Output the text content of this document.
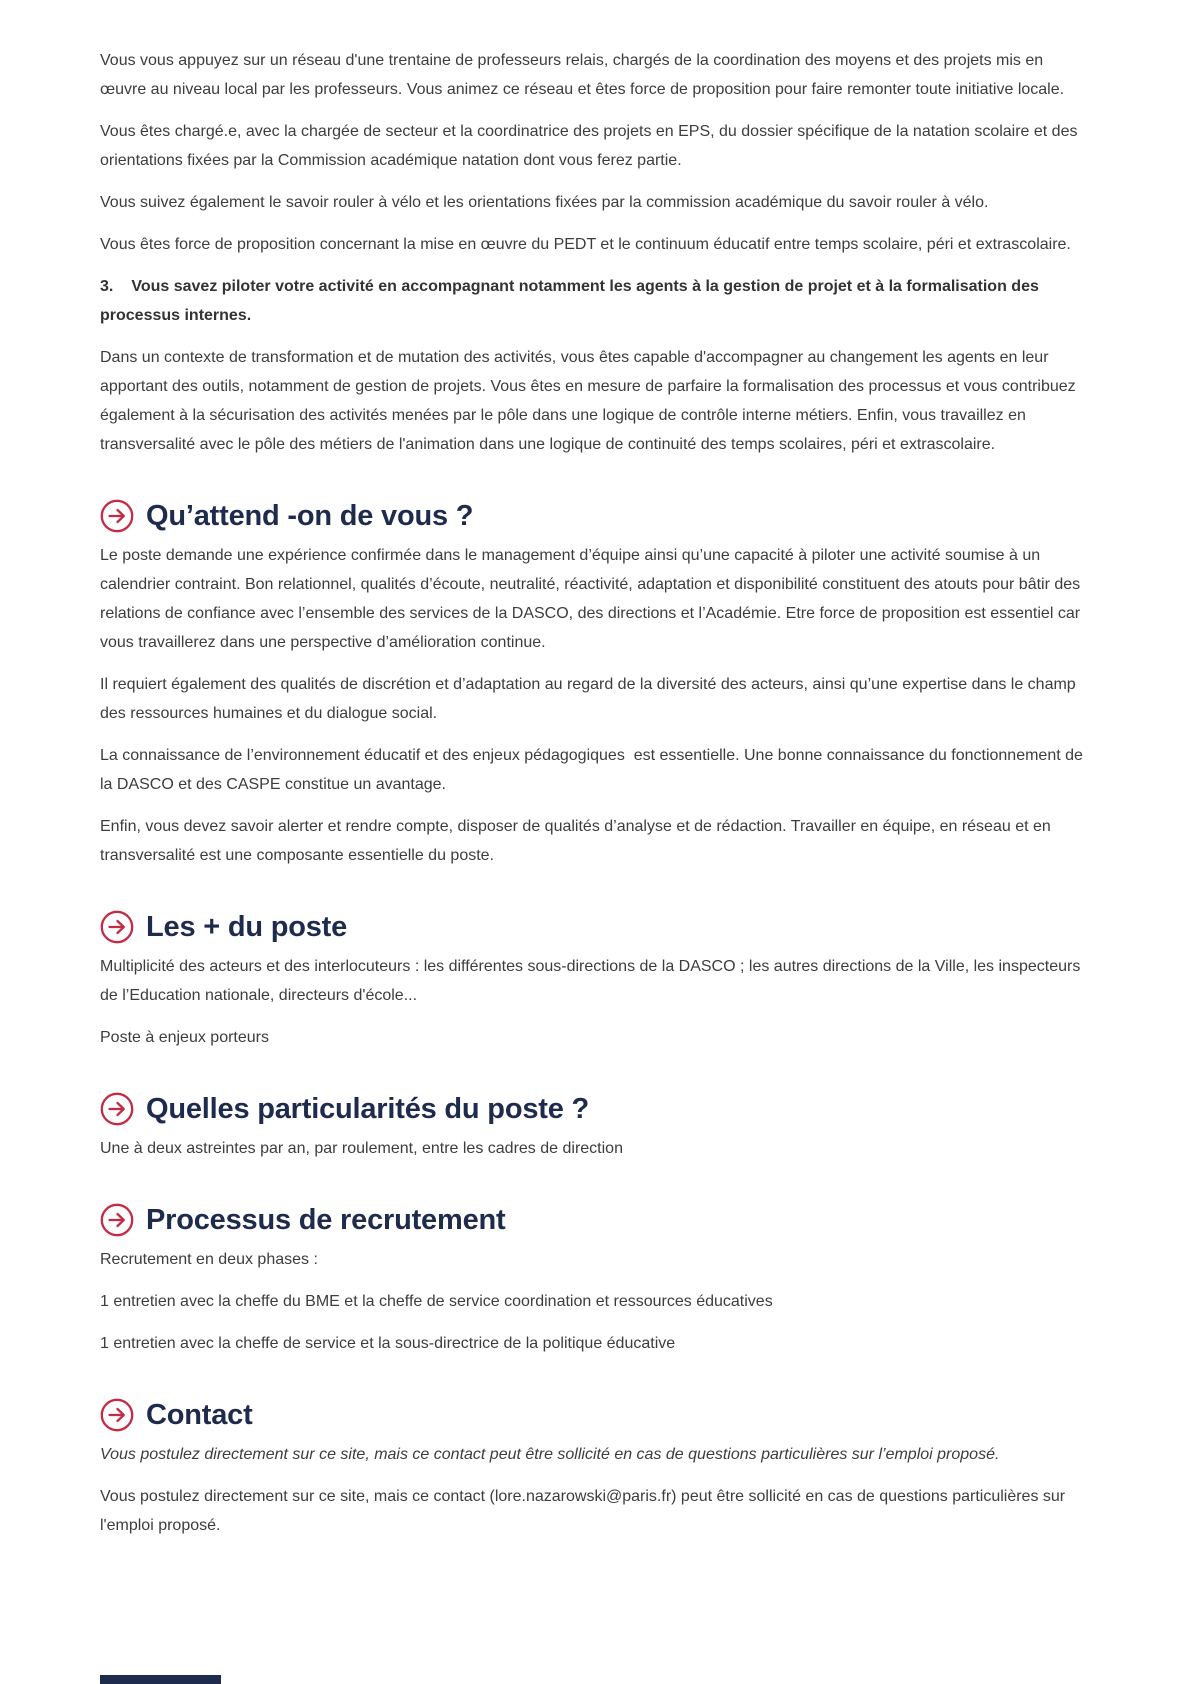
Vous vous appuyez sur un réseau d'une trentaine de professeurs relais, chargés de la coordination des moyens et des projets mis en œuvre au niveau local par les professeurs. Vous animez ce réseau et êtes force de proposition pour faire remonter toute initiative locale.

Vous êtes chargé.e, avec la chargée de secteur et la coordinatrice des projets en EPS, du dossier spécifique de la natation scolaire et des orientations fixées par la Commission académique natation dont vous ferez partie.

Vous suivez également le savoir rouler à vélo et les orientations fixées par la commission académique du savoir rouler à vélo.

Vous êtes force de proposition concernant la mise en œuvre du PEDT et le continuum éducatif entre temps scolaire, péri et extrascolaire.

3. Vous savez piloter votre activité en accompagnant notamment les agents à la gestion de projet et à la formalisation des processus internes.

Dans un contexte de transformation et de mutation des activités, vous êtes capable d'accompagner au changement les agents en leur apportant des outils, notamment de gestion de projets. Vous êtes en mesure de parfaire la formalisation des processus et vous contribuez également à la sécurisation des activités menées par le pôle dans une logique de contrôle interne métiers. Enfin, vous travaillez en transversalité avec le pôle des métiers de l'animation dans une logique de continuité des temps scolaires, péri et extrascolaire.

Qu’attend -on de vous ?

Le poste demande une expérience confirmée dans le management d’équipe ainsi qu’une capacité à piloter une activité soumise à un calendrier contraint. Bon relationnel, qualités d’écoute, neutralité, réactivité, adaptation et disponibilité constituent des atouts pour bâtir des relations de confiance avec l’ensemble des services de la DASCO, des directions et l’Académie. Etre force de proposition est essentiel car vous travaillerez dans une perspective d’amélioration continue.

Il requiert également des qualités de discrétion et d’adaptation au regard de la diversité des acteurs, ainsi qu’une expertise dans le champ des ressources humaines et du dialogue social.

La connaissance de l’environnement éducatif et des enjeux pédagogiques  est essentielle. Une bonne connaissance du fonctionnement de la DASCO et des CASPE constitue un avantage.

Enfin, vous devez savoir alerter et rendre compte, disposer de qualités d’analyse et de rédaction. Travailler en équipe, en réseau et en transversalité est une composante essentielle du poste.

Les + du poste

Multiplicité des acteurs et des interlocuteurs : les différentes sous-directions de la DASCO ; les autres directions de la Ville, les inspecteurs de l’Education nationale, directeurs d'école...

Poste à enjeux porteurs

Quelles particularités du poste ?

Une à deux astreintes par an, par roulement, entre les cadres de direction

Processus de recrutement

Recrutement en deux phases :

1 entretien avec la cheffe du BME et la cheffe de service coordination et ressources éducatives

1 entretien avec la cheffe de service et la sous-directrice de la politique éducative

Contact

Vous postulez directement sur ce site, mais ce contact peut être sollicité en cas de questions particulières sur l’emploi proposé.

Vous postulez directement sur ce site, mais ce contact (lore.nazarowski@paris.fr) peut être sollicité en cas de questions particulières sur l'emploi proposé.
